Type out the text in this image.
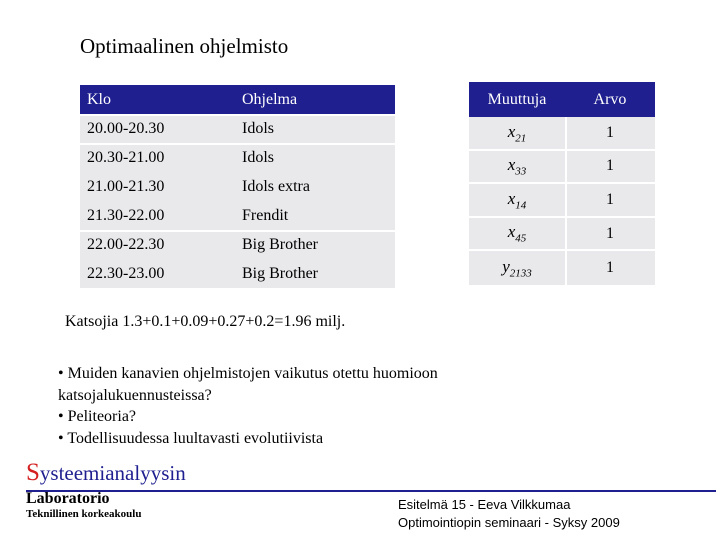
Optimaalinen ohjelmisto
Klo	Ohjelma
20.00-20.30	Idols
20.30-21.00	Idols
21.00-21.30	Idols extra
21.30-22.00	Frendit
22.00-22.30	Big Brother
22.30-23.00	Big Brother
Muuttuja	Arvo
$x_{21}$	1
$x_{33}$	1
$x_{14}$	1
$x_{45}$	1
$y_{2133}$	1
Katsojia 1.3+0.1+0.09+0.27+0.2=1.96 milj.
• Muiden kanavien ohjelmistojen vaikutus otettu huomioon
katsojalukuennusteissa?
• Peliteoria?
• Todellisuudessa luultavasti evolutiivista
Systeemianalyysin
Laboratorio
Teknillinen korkeakoulu
Esitelmä 15 - Eeva Vilkkumaa
Optimointiopin seminaari - Syksy 2009
